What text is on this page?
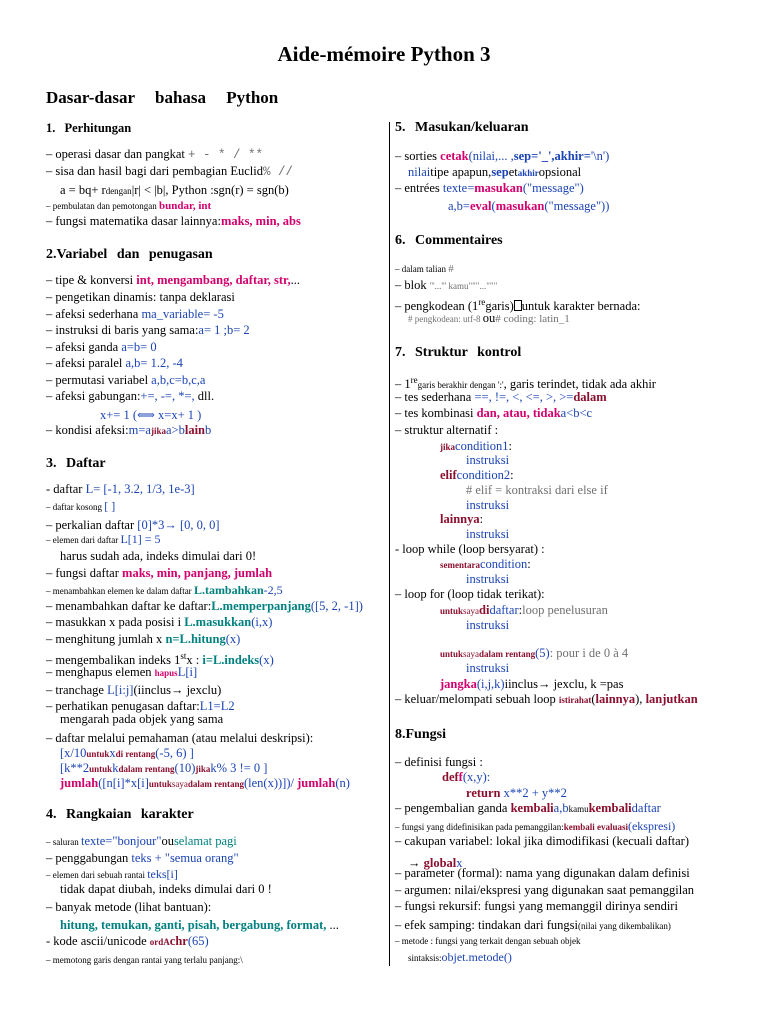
Aide-mémoire Python 3
Dasar-dasar bahasa Python
1. Perhitungan
– operasi dasar dan pangkat + - * / **
– sisa dan hasil bagi dari pembagian Euclid% //
a = bq+ rdengan|r| < |b|, Python :sgn(r) = sgn(b)
– pembulatan dan pemotongan bundar, int
– fungsi matematika dasar lainnya:maks, min, abs
2.Variabel dan penugasan
– tipe & konversi int, mengambang, daftar, str,...
– pengetikan dinamis: tanpa deklarasi
– afeksi sederhana ma_variable= -5
– instruksi di baris yang sama:a= 1 ;b= 2
– afeksi ganda a=b= 0
– afeksi paralel a,b= 1.2, -4
– permutasi variabel a,b,c=b,c,a
– afeksi gabungan:+=, -=, *=, dll.
x+= 1 (⟺ x=x+ 1 )
– kondisi afeksi:m=ajikaa>blainb
3. Daftar
- daftar L= [-1, 3.2, 1/3, 1e-3]
– daftar kosong [ ]
– perkalian daftar [0]*3→ [0, 0, 0]
– elemen dari daftar L[1] = 5
harus sudah ada, indeks dimulai dari 0!
– fungsi daftar maks, min, panjang, jumlah
– menambahkan elemen ke dalam daftar L.tambahkan-2,5
– menambahkan daftar ke daftar:L.memperpanjang([5, 2, -1])
– masukkan x pada posisi i L.masukkan(i,x)
– menghitung jumlah x n=L.hitung(x)
– mengembalikan indeks 1stx : i=L.indeks(x)
– menghapus elemen hapusL[i]
– tranchage L[i:j](iinclus→ jexclu)
– perhatikan penugasan daftar:L1=L2
mengarah pada objek yang sama
– daftar melalui pemahaman (atau melalui deskripsi):
[x/10untukxdi rentang(-5, 6) ]
[k**2untukkdalam rentang(10)jikak% 3 != 0 ]
jumlah([n[i]*x[i]untuksayadalam rentang(len(x))])/ jumlah(n)
4. Rangkaian karakter
– saluran texte="bonjour"ouselamat pagi
– penggabungan teks + "semua orang"
– elemen dari sebuah rantai teks[i]
tidak dapat diubah, indeks dimulai dari 0 !
– banyak metode (lihat bantuan):
hitung, temukan, ganti, pisah, bergabung, format, ...
- kode ascii/unicode ordAchr(65)
– memotong garis dengan rantai yang terlalu panjang:\
5. Masukan/keluaran
– sorties cetak(nilai,... ,sep='_',akhir='\n')
nilaitipe apapun,sepetakhiropsional
– entrées texte=masukan("message")
a,b=eval(masukan("message"))
6. Commentaires
– dalam talian #
– blok '''...''' kamu"""..."""
– pengkodean (1regaris) untuk karakter bernada:
# pengkodean: utf-8 ou# coding: latin_1
7. Struktur kontrol
– 1regaris berakhir dengan ':', garis terindet, tidak ada akhir
– tes sederhana ==, !=, <, <=, >, >=dalam
– tes kombinasi dan, atau, tidaka<b<c
– struktur alternatif :
jikacondition1:
instruksi
elifcondition2:
# elif = kontraksi dari else if
instruksi
lainnya:
instruksi
- loop while (loop bersyarat) :
sementaracondition:
instruksi
– loop for (loop tidak terikat):
untuksayadidaftar:loop penelusuran
instruksi
untuksayadalam rentang(5): pour i de 0 à 4
instruksi
jangka(i,j,k)iinclus→ jexclu, k =pas
– keluar/melompati sebuah loop istirahat(lainnya), lanjutkan
8.Fungsi
– definisi fungsi :
deff(x,y):
return x**2 + y**2
– pengembalian ganda kembalia,bkamukembalidaftar
– fungsi yang didefinisikan pada pemanggilan:kembali evaluasi(ekspresi)
– cakupan variabel: lokal jika dimodifikasi (kecuali daftar)
→ globalx
– parameter (formal): nama yang digunakan dalam definisi
– argumen: nilai/ekspresi yang digunakan saat pemanggilan
– fungsi rekursif: fungsi yang memanggil dirinya sendiri
– efek samping: tindakan dari fungsi(nilai yang dikembalikan)
– metode : fungsi yang terkait dengan sebuah objek
sintaksis:objet.metode()
